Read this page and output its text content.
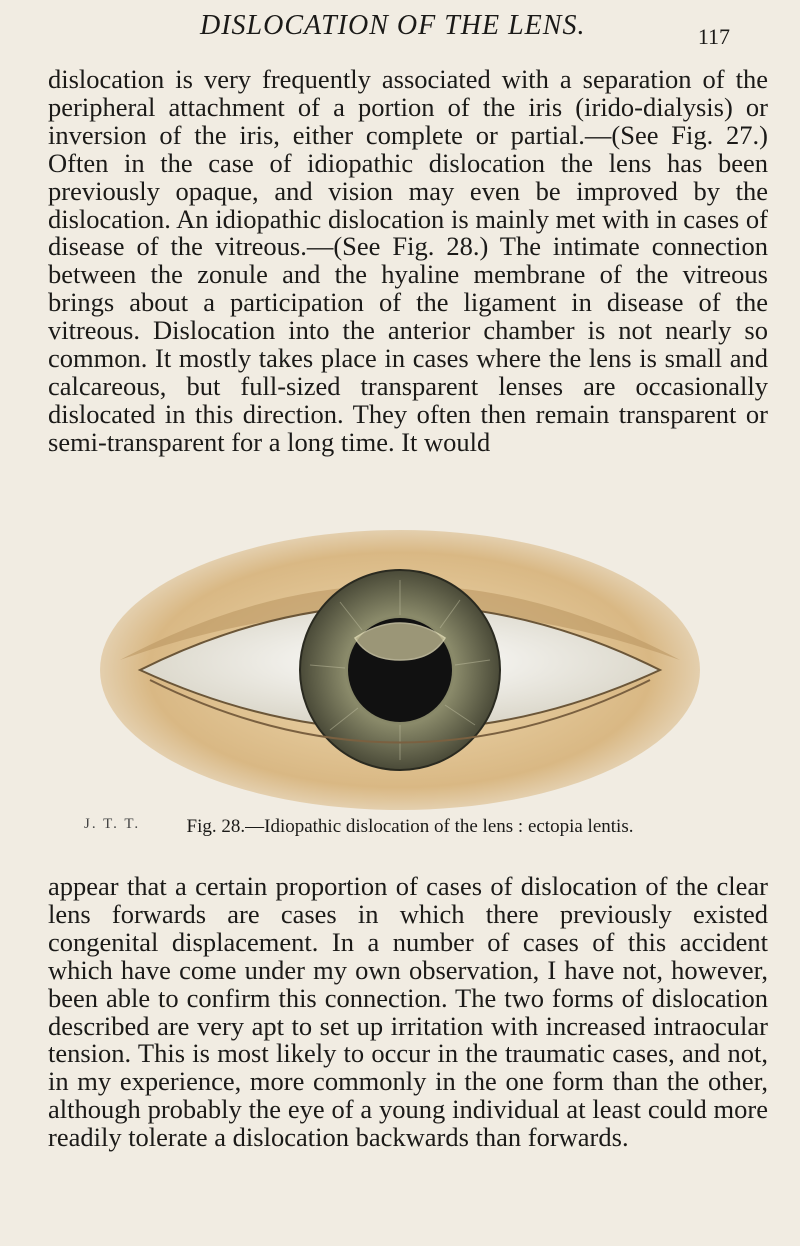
DISLOCATION OF THE LENS.	117

dislocation is very frequently associated with a separation of the peripheral attachment of a portion of the iris (irido-dialysis) or inversion of the iris, either complete or partial.—(See Fig. 27.) Often in the case of idiopathic dislocation the lens has been previously opaque, and vision may even be improved by the dislocation. An idiopathic dislocation is mainly met with in cases of disease of the vitreous.—(See Fig. 28.) The intimate connection between the zonule and the hyaline membrane of the vitreous brings about a participation of the ligament in disease of the vitreous. Dislocation into the anterior chamber is not nearly so common. It mostly takes place in cases where the lens is small and calcareous, but full-sized transparent lenses are occasionally dislocated in this direction. They often then remain transparent or semi-transparent for a long time. It would

J. T. T.	Fig. 28.—Idiopathic dislocation of the lens : ectopia lentis.

appear that a certain proportion of cases of dislocation of the clear lens forwards are cases in which there previously existed congenital displacement. In a number of cases of this accident which have come under my own observation, I have not, however, been able to confirm this connection. The two forms of dislocation described are very apt to set up irritation with increased intraocular tension. This is most likely to occur in the traumatic cases, and not, in my experience, more commonly in the one form than the other, although probably the eye of a young individual at least could more readily tolerate a dislocation backwards than forwards.
